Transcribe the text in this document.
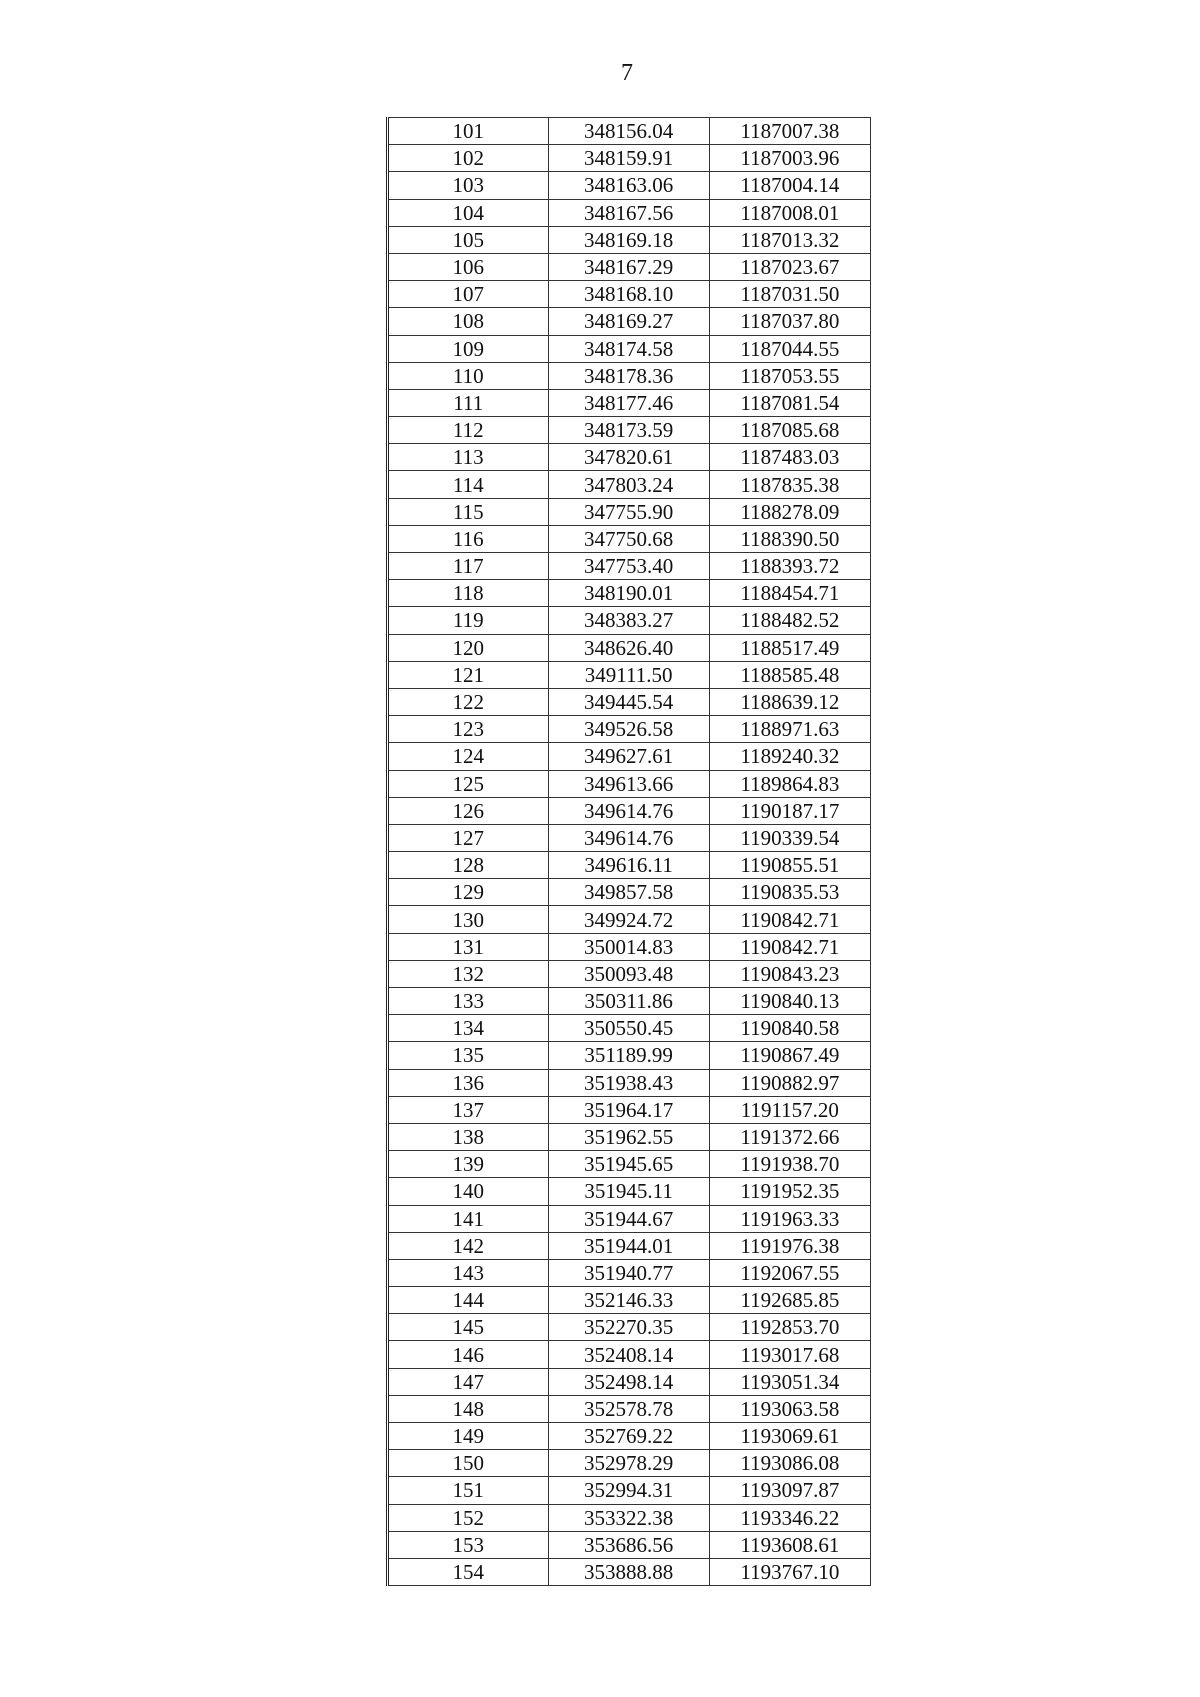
7
101	348156.04	1187007.38
102	348159.91	1187003.96
103	348163.06	1187004.14
104	348167.56	1187008.01
105	348169.18	1187013.32
106	348167.29	1187023.67
107	348168.10	1187031.50
108	348169.27	1187037.80
109	348174.58	1187044.55
110	348178.36	1187053.55
111	348177.46	1187081.54
112	348173.59	1187085.68
113	347820.61	1187483.03
114	347803.24	1187835.38
115	347755.90	1188278.09
116	347750.68	1188390.50
117	347753.40	1188393.72
118	348190.01	1188454.71
119	348383.27	1188482.52
120	348626.40	1188517.49
121	349111.50	1188585.48
122	349445.54	1188639.12
123	349526.58	1188971.63
124	349627.61	1189240.32
125	349613.66	1189864.83
126	349614.76	1190187.17
127	349614.76	1190339.54
128	349616.11	1190855.51
129	349857.58	1190835.53
130	349924.72	1190842.71
131	350014.83	1190842.71
132	350093.48	1190843.23
133	350311.86	1190840.13
134	350550.45	1190840.58
135	351189.99	1190867.49
136	351938.43	1190882.97
137	351964.17	1191157.20
138	351962.55	1191372.66
139	351945.65	1191938.70
140	351945.11	1191952.35
141	351944.67	1191963.33
142	351944.01	1191976.38
143	351940.77	1192067.55
144	352146.33	1192685.85
145	352270.35	1192853.70
146	352408.14	1193017.68
147	352498.14	1193051.34
148	352578.78	1193063.58
149	352769.22	1193069.61
150	352978.29	1193086.08
151	352994.31	1193097.87
152	353322.38	1193346.22
153	353686.56	1193608.61
154	353888.88	1193767.10
